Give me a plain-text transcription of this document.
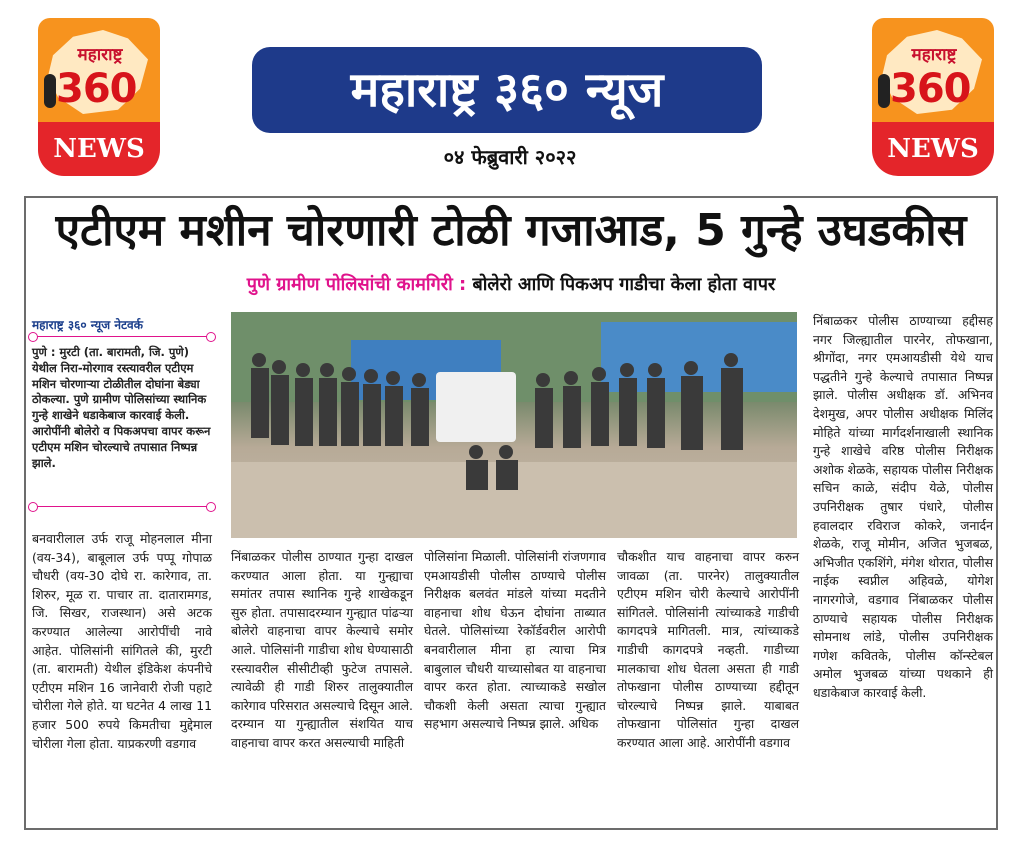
महाराष्ट्र
360
NEWS
महाराष्ट्र
360
NEWS
महाराष्ट्र ३६० न्यूज
०४ फेब्रुवारी २०२२
एटीएम मशीन चोरणारी टोळी गजाआड, 5 गुन्हे उघडकीस
पुणे ग्रामीण पोलिसांची कामगिरी : बोलेरो आणि पिकअप गाडीचा केला होता वापर
महाराष्ट्र ३६० न्यूज नेटवर्क
पुणे : मुरटी (ता. बारामती, जि. पुणे) येथील निरा-मोरगाव रस्त्यावरील एटीएम मशिन चोरणाऱ्या टोळीतील दोघांना बेड्या ठोकल्या. पुणे ग्रामीण पोलिसांच्या स्थानिक गुन्हे शाखेने धडाकेबाज कारवाई केली. आरोपींनी बोलेरो व पिकअपचा वापर करून एटीएम मशिन चोरल्याचे तपासात निष्पन्न झाले.
बनवारीलाल उर्फ राजू मोहनलाल मीना (वय-34), बाबूलाल उर्फ पप्पू गोपाळ चौधरी (वय-30 दोघे रा. कारेगाव, ता. शिरुर, मूळ रा. पाचार ता. दातारामगड, जि. सिखर, राजस्थान) असे अटक करण्यात आलेल्या आरोपींची नावे आहेत. पोलिसांनी सांगितले की, मुरटी (ता. बारामती) येथील इंडिकेश कंपनीचे एटीएम मशिन 16 जानेवारी रोजी पहाटे चोरीला गेले होते. या घटनेत 4 लाख 11 हजार 500 रुपये किमतीचा मुद्देमाल चोरीला गेला होता. याप्रकरणी वडगाव
निंबाळकर पोलीस ठाण्यात गुन्हा दाखल करण्यात आला होता. या गुन्ह्याचा समांतर तपास स्थानिक गुन्हे शाखेकडून सुरु होता. तपासादरम्यान गुन्ह्यात पांढऱ्या बोलेरो वाहनाचा वापर केल्याचे समोर आले. पोलिसांनी गाडीचा शोध घेण्यासाठी रस्त्यावरील सीसीटीव्ही फुटेज तपासले. त्यावेळी ही गाडी शिरुर तालुक्यातील कारेगाव परिसरात असल्याचे दिसून आले. दरम्यान या गुन्ह्यातील संशयित याच वाहनाचा वापर करत असल्याची माहिती
पोलिसांना मिळाली. पोलिसांनी रांजणगाव एमआयडीसी पोलीस ठाण्याचे पोलीस निरीक्षक बलवंत मांडले यांच्या मदतीने वाहनाचा शोध घेऊन दोघांना ताब्यात घेतले. पोलिसांच्या रेकॉर्डवरील आरोपी बनवारीलाल मीना हा त्याचा मित्र बाबुलाल चौधरी याच्यासोबत या वाहनाचा वापर करत होता. त्याच्याकडे सखोल चौकशी केली असता त्याचा गुन्ह्यात सहभाग असल्याचे निष्पन्न झाले. अधिक
चौकशीत याच वाहनाचा वापर करुन जावळा (ता. पारनेर) तालुक्यातील एटीएम मशिन चोरी केल्याचे आरोपींनी सांगितले. पोलिसांनी त्यांच्याकडे गाडीची कागदपत्रे मागितली. मात्र, त्यांच्याकडे गाडीची कागदपत्रे नव्हती. गाडीच्या मालकाचा शोध घेतला असता ही गाडी तोफखाना पोलीस ठाण्याच्या हद्दीतून चोरल्याचे निष्पन्न झाले. याबाबत तोफखाना पोलिसांत गुन्हा दाखल करण्यात आला आहे. आरोपींनी वडगाव
निंबाळकर पोलीस ठाण्याच्या हद्दीसह नगर जिल्ह्यातील पारनेर, तोफखाना, श्रीगोंदा, नगर एमआयडीसी येथे याच पद्धतीने गुन्हे केल्याचे तपासात निष्पन्न झाले. पोलीस अधीक्षक डॉ. अभिनव देशमुख, अपर पोलीस अधीक्षक मिलिंद मोहिते यांच्या मार्गदर्शनाखाली स्थानिक गुन्हे शाखेचे वरिष्ठ पोलीस निरीक्षक अशोक शेळके, सहायक पोलीस निरीक्षक सचिन काळे, संदीप येळे, पोलीस उपनिरीक्षक तुषार पंधारे, पोलीस हवालदार रविराज कोकरे, जनार्दन शेळके, राजू मोमीन, अजित भुजबळ, अभिजीत एकशिंगे, मंगेश थोरात, पोलीस नाईक स्वप्नील अहिवळे, योगेश नागरगोजे, वडगाव निंबाळकर पोलीस ठाण्याचे सहायक पोलीस निरीक्षक सोमनाथ लांडे, पोलीस उपनिरीक्षक गणेश कवितके, पोलीस कॉन्स्टेबल अमोल भुजबळ यांच्या पथकाने ही धडाकेबाज कारवाई केली.
